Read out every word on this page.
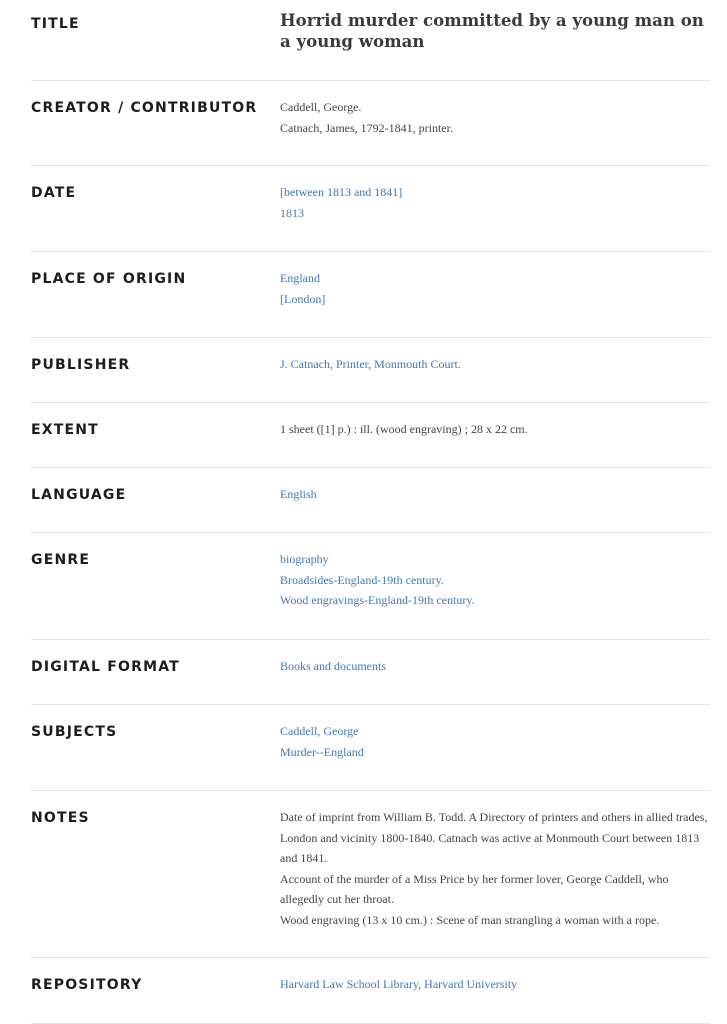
TITLE	Horrid murder committed by a young man on a young woman
CREATOR / CONTRIBUTOR	Caddell, George.
Catnach, James, 1792-1841, printer.
DATE	[between 1813 and 1841]
1813
PLACE OF ORIGIN	England
[London]
PUBLISHER	J. Catnach, Printer, Monmouth Court.
EXTENT	1 sheet ([1] p.) : ill. (wood engraving) ; 28 x 22 cm.
LANGUAGE	English
GENRE	biography
Broadsides-England-19th century.
Wood engravings-England-19th century.
DIGITAL FORMAT	Books and documents
SUBJECTS	Caddell, George
Murder--England
NOTES	Date of imprint from William B. Todd. A Directory of printers and others in allied trades, London and vicinity 1800-1840. Catnach was active at Monmouth Court between 1813 and 1841.
Account of the murder of a Miss Price by her former lover, George Caddell, who allegedly cut her throat.
Wood engraving (13 x 10 cm.) : Scene of man strangling a woman with a rope.
REPOSITORY	Harvard Law School Library, Harvard University
